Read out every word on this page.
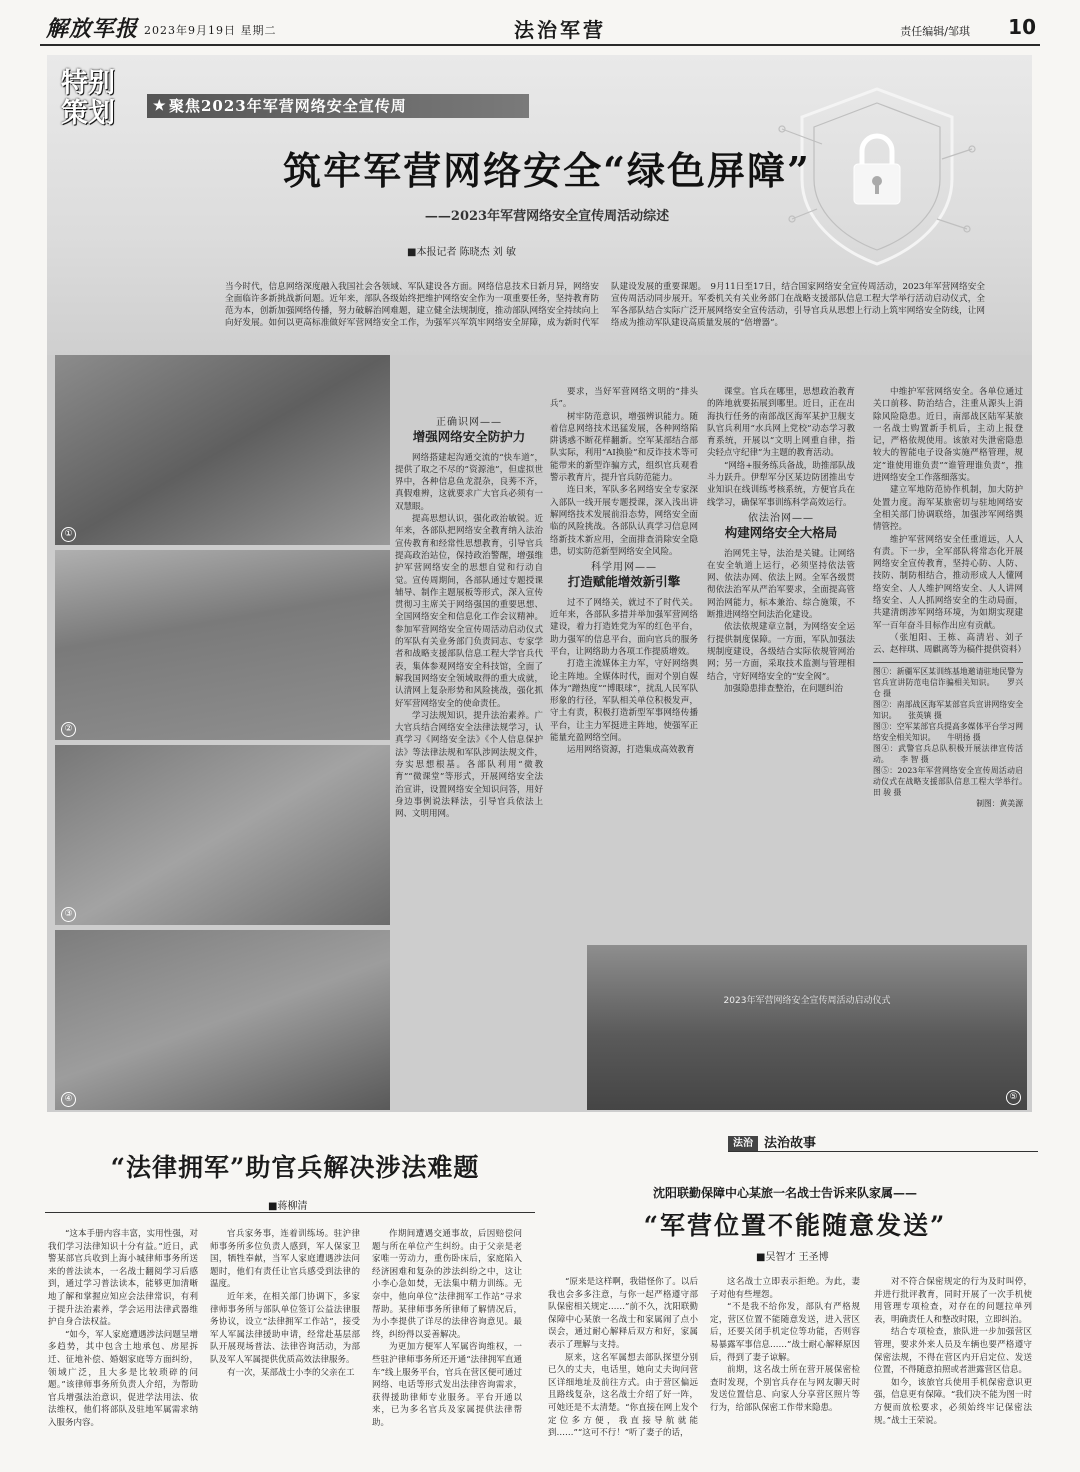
解放军报 2023年9月19日 星期二	法治军营	责任编辑/邹琪 10
特别 策划	★ 聚焦2023年军营网络安全宣传周
筑牢军营网络安全“绿色屏障”
——2023年军营网络安全宣传周活动综述
■本报记者 陈晓杰 刘 敏
当今时代，信息网络深度融入我国社会各领域、军队建设各方面。网络信息技术日新月异，网络安全面临许多新挑战新问题。近年来，部队各级始终把维护网络安全作为一项重要任务，坚持教育防范为本，创新加强网络传播，努力破解治网难题，建立健全法规制度，推动部队网络安全持续向上向好发展。如何以更高标准做好军营网络安全工作，为强军兴军筑牢网络安全屏障，成为新时代军队建设发展的重要课题。　9月11日至17日，结合国家网络安全宣传周活动，2023年军营网络安全宣传周活动同步展开。军委机关有关业务部门在战略支援部队信息工程大学举行活动启动仪式，全军各部队结合实际广泛开展网络安全宣传活动，引导官兵从思想上行动上筑牢网络安全防线，让网络成为推动军队建设高质量发展的“倍增器”。
①
②
③
④
2023年军营网络安全宣传周活动启动仪式
⑤
正确识网——
增强网络安全防护力

网络搭建起沟通交流的“快车道”，提供了取之不尽的“资源池”，但虚拟世界中，各种信息鱼龙混杂，良莠不齐，真假难辨，这就要求广大官兵必须有一双慧眼。

提高思想认识，强化政治敏锐。近年来，各部队把网络安全教育纳入法治宣传教育和经常性思想教育，引导官兵提高政治站位，保持政治警醒，增强维护军营网络安全的思想自觉和行动自觉。宣传周期间，各部队通过专题授课辅导、制作主题展板等形式，深入宣传贯彻习主席关于网络强国的重要思想、全国网络安全和信息化工作会议精神。参加军营网络安全宣传周活动启动仪式的军队有关业务部门负责同志、专家学者和战略支援部队信息工程大学官兵代表，集体参观网络安全科技馆，全面了解我国网络安全领域取得的重大成就，认清网上复杂形势和风险挑战，强化抓好军营网络安全的使命责任。

学习法规知识，提升法治素养。广大官兵结合网络安全法律法规学习，认真学习《网络安全法》《个人信息保护法》等法律法规和军队涉网法规文件，夯实思想根基。各部队利用“微教育”“微课堂”等形式，开展网络安全法治宣讲，设置网络安全知识问答，用好身边事例说法释法，引导官兵依法上网、文明用网。

要求，当好军营网络文明的“排头兵”。

树牢防范意识，增强辨识能力。随着信息网络技术迅猛发展，各种网络陷阱诱惑不断花样翻新。空军某部结合部队实际，利用“AI换脸”和反诈技术等可能带来的新型诈骗方式，组织官兵观看警示教育片，提升官兵防范能力。

连日来，军队多名网络安全专家深入部队一线开展专题授课，深入浅出讲解网络技术发展前沿态势，网络安全面临的风险挑战。各部队认真学习信息网络新技术新应用，全面排查消除安全隐患，切实防范新型网络安全风险。

科学用网——
打造赋能增效新引擎

过不了网络关，就过不了时代关。近年来，各部队多措并举加强军营网络建设，着力打造姓党为军的红色平台，助力强军的信息平台，面向官兵的服务平台，让网络助力各项工作提质增效。

打造主流媒体主力军，守好网络舆论主阵地。全媒体时代，面对个别自媒体为“蹭热度”“博眼球”，扰乱人民军队形象的行径，军队相关单位积极发声，守土有责，积极打造新型军事网络传播平台，让主力军挺进主阵地，使强军正能量充盈网络空间。

运用网络资源，打造集成高效教育

课堂。官兵在哪里，思想政治教育的阵地就要拓展到哪里。近日，正在出海执行任务的南部战区海军某护卫舰支队官兵利用“水兵网上党校”动态学习教育系统，开展以“文明上网重自律，指尖轻点守纪律”为主题的教育活动。

“网络+服务练兵备战，助推部队战斗力跃升。伊犁军分区某边防团推出专业知识在线训练考核系统，方便官兵在线学习，确保军事训练科学高效运行。

依法治网——
构建网络安全大格局

治网凭主导，法治是关键。让网络在安全轨道上运行，必须坚持依法管网、依法办网、依法上网。全军各级贯彻依法治军从严治军要求，全面提高管网治网能力，标本兼治、综合施策，不断推进网络空间法治化建设。

依法依规建章立制，为网络安全运行提供制度保障。一方面，军队加强法规制度建设，各级结合实际依规管网治网；另一方面，采取技术监测与管理相结合，守好网络安全的“安全阀”。

加强隐患排查整治，在问题纠治

中维护军营网络安全。各单位通过关口前移、防治结合，注重从源头上消除风险隐患。近日，南部战区陆军某旅一名战士购置新手机后，主动上报登记，严格依规使用。该旅对失泄密隐患较大的智能电子设备实施严格管理，规定“谁使用谁负责”“谁管理谁负责”，推进网络安全工作落细落实。

建立军地防范协作机制，加大防护处置力度。海军某旅密切与驻地网络安全相关部门协调联络，加强涉军网络舆情管控。

维护军营网络安全任重道远，人人有责。下一步，全军部队将常态化开展网络安全宣传教育，坚持心防、人防、技防、制防相结合，推动形成人人懂网络安全、人人维护网络安全、人人讲网络安全、人人抓网络安全的生动局面，共建清朗涉军网络环境，为如期实现建军一百年奋斗目标作出应有贡献。

（张旭阳、王栋、高清岩、刘子云、赵梓琪、周麒离等为稿件提供资料）

图①：新疆军区某训练基地邀请驻地民警为官兵宣讲防范电信诈骗相关知识。　　罗兴仓 摄
图②：南部战区海军某部官兵宣讲网络安全知识。　　张英镇 摄
图③：空军某部官兵提高多媒体平台学习网络安全相关知识。　　牛明扬 摄
图④：武警官兵总队积极开展法律宣传活动。　　李 智 摄
图⑤：2023年军营网络安全宣传周活动启动仪式在战略支援部队信息工程大学举行。　　田 骏 摄
制图：黄美源
“法律拥军”助官兵解决涉法难题
■蒋柳清

“这本手册内容丰富，实用性强，对我们学习法律知识十分有益。”近日，武警某部官兵收到上海小城律师事务所送来的普法读本，一名战士翻阅学习后感到，通过学习普法读本，能够更加清晰地了解和掌握应知应会法律常识，有利于提升法治素养，学会运用法律武器维护自身合法权益。

“如今，军人家庭遭遇涉法问题呈增多趋势，其中包含土地承包、房屋拆迁、征地补偿、婚姻家庭等方面纠纷，领域广泛，且大多是比较琐碎的问题。”该律师事务所负责人介绍，为帮助官兵增强法治意识，促进学法用法、依法维权，他们将部队及驻地军属需求纳入服务内容。

官兵家务事，连着训练场。驻沪律师事务所多位负责人感到，军人保家卫国，牺牲奉献，当军人家庭遭遇涉法问题时，他们有责任让官兵感受到法律的温度。

近年来，在相关部门协调下，多家律师事务所与部队单位签订公益法律服务协议，设立“法律拥军工作站”，接受军人军属法律援助申请，经常赴基层部队开展现场普法、法律咨询活动，为部队及军人军属提供优质高效法律服务。

有一次，某部战士小李的父亲在工

作期间遭遇交通事故，后因赔偿问题与所在单位产生纠纷。由于父亲是老家唯一劳动力，重伤卧床后，家庭陷入经济困难和复杂的涉法纠纷之中，这让小李心急如焚，无法集中精力训练。无奈中，他向单位“法律拥军工作站”寻求帮助。某律师事务所律师了解情况后，为小李提供了详尽的法律咨询意见。最终，纠纷得以妥善解决。

为更加方便军人军属咨询维权，一些驻沪律师事务所还开通“法律拥军直通车”线上服务平台，官兵在营区便可通过网络、电话等形式发出法律咨询需求，获得援助律师专业服务。平台开通以来，已为多名官兵及家属提供法律帮助。

法治 法治故事
沈阳联勤保障中心某旅一名战士告诉来队家属——
“军营位置不能随意发送”
■吴智才 王圣博

“原来是这样啊，我错怪你了。以后我也会多多注意，与你一起严格遵守部队保密相关规定……”前不久，沈阳联勤保障中心某旅一名战士和家属闹了点小误会，通过耐心解释后双方和好，家属表示了理解与支持。

原来，这名军属想去部队探望分别已久的丈夫，电话里，她向丈夫询问营区详细地址及前往方式。由于营区偏远且路线复杂，这名战士介绍了好一阵，可她还是不太清楚。“你直接在网上发个定位多方便，我直接导航就能到……”“这可不行！”听了妻子的话，

这名战士立即表示拒绝。为此，妻子对他有些埋怨。

“不是我不给你发，部队有严格规定，营区位置不能随意发送，进入营区后，还要关闭手机定位等功能，否则容易暴露军事信息……”战士耐心解释原因后，得到了妻子谅解。

前期，这名战士所在营开展保密检查时发现，个别官兵存在与网友聊天时发送位置信息、向家人分享营区照片等行为，给部队保密工作带来隐患。

对不符合保密规定的行为及时叫停，并进行批评教育，同时开展了一次手机使用管理专项检查，对存在的问题拉单列表，明确责任人和整改时限，立即纠治。

结合专项检查，旅队进一步加强营区管理，要求外来人员及车辆也要严格遵守保密法规，不得在营区内开启定位、发送位置，不得随意拍照或者泄露营区信息。

如今，该旅官兵使用手机保密意识更强，信息更有保障。“我们决不能为图一时方便而放松要求，必须始终牢记保密法规。”战士王荣说。
